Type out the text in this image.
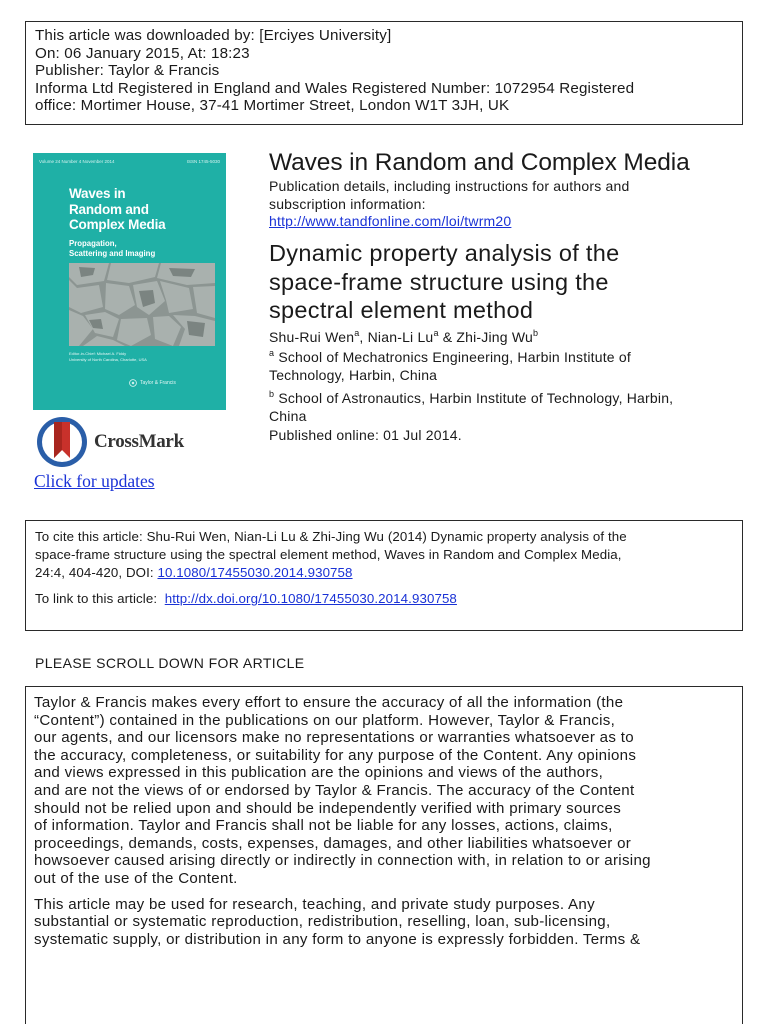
This article was downloaded by: [Erciyes University]
On: 06 January 2015, At: 18:23
Publisher: Taylor & Francis
Informa Ltd Registered in England and Wales Registered Number: 1072954 Registered
office: Mortimer House, 37-41 Mortimer Street, London W1T 3JH, UK
Volume 24 Number 4 November 2014	ISSN 1745-5030
Waves in
Random and
Complex Media
Propagation,
Scattering and Imaging
Editor-in-Chief: Michael A. Fiddy
University of North Carolina, Charlotte, USA
Taylor & Francis
CrossMark
Click for updates
Waves in Random and Complex Media
Publication details, including instructions for authors and
subscription information:
http://www.tandfonline.com/loi/twrm20
Dynamic property analysis of the
space-frame structure using the
spectral element method
Shu-Rui Wen$^a$, Nian-Li Lu$^a$ & Zhi-Jing Wu$^b$
$^a$ School of Mechatronics Engineering, Harbin Institute of
Technology, Harbin, China
$^b$ School of Astronautics, Harbin Institute of Technology, Harbin,
China
Published online: 01 Jul 2014.
To cite this article: Shu-Rui Wen, Nian-Li Lu & Zhi-Jing Wu (2014) Dynamic property analysis of the
space-frame structure using the spectral element method, Waves in Random and Complex Media,
24:4, 404-420, DOI: 10.1080/17455030.2014.930758
To link to this article:  http://dx.doi.org/10.1080/17455030.2014.930758
PLEASE SCROLL DOWN FOR ARTICLE
Taylor & Francis makes every effort to ensure the accuracy of all the information (the
“Content”) contained in the publications on our platform. However, Taylor & Francis,
our agents, and our licensors make no representations or warranties whatsoever as to
the accuracy, completeness, or suitability for any purpose of the Content. Any opinions
and views expressed in this publication are the opinions and views of the authors,
and are not the views of or endorsed by Taylor & Francis. The accuracy of the Content
should not be relied upon and should be independently verified with primary sources
of information. Taylor and Francis shall not be liable for any losses, actions, claims,
proceedings, demands, costs, expenses, damages, and other liabilities whatsoever or
howsoever caused arising directly or indirectly in connection with, in relation to or arising
out of the use of the Content.
This article may be used for research, teaching, and private study purposes. Any
substantial or systematic reproduction, redistribution, reselling, loan, sub-licensing,
systematic supply, or distribution in any form to anyone is expressly forbidden. Terms &
